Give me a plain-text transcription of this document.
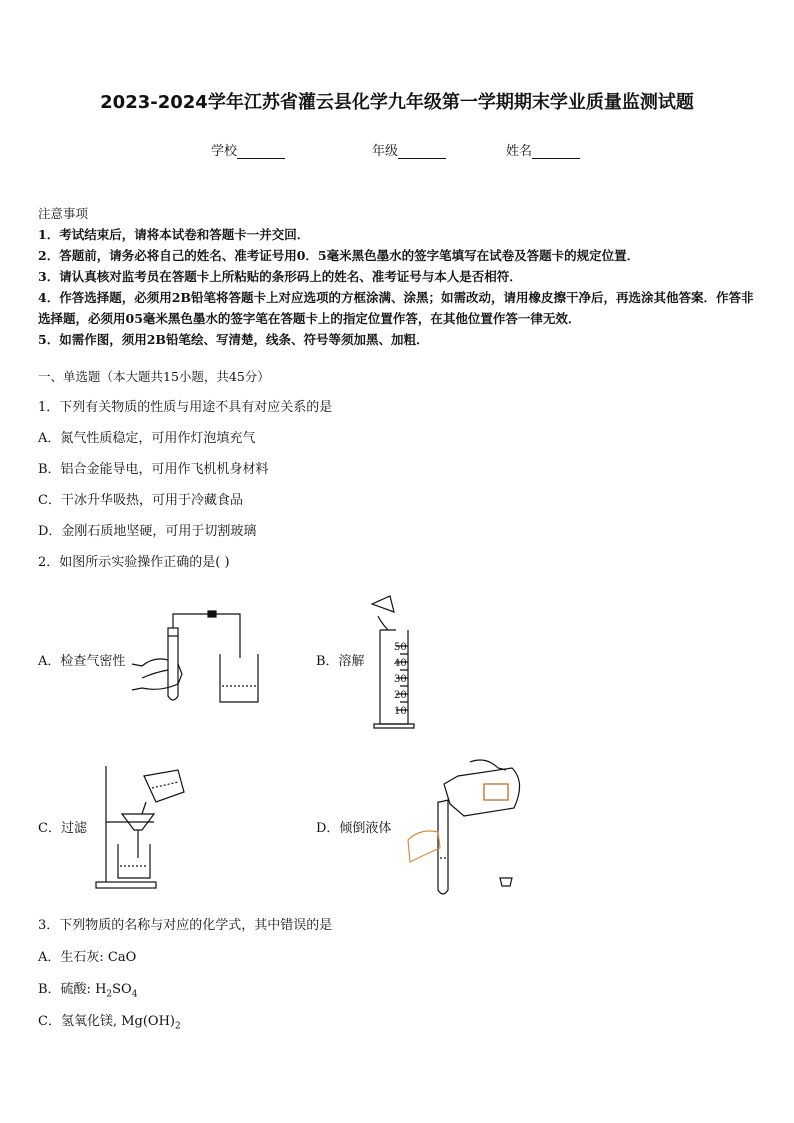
2023-2024学年江苏省灌云县化学九年级第一学期期末学业质量监测试题
学校	年级	姓名

注意事项

1．考试结束后，请将本试卷和答题卡一并交回．

2．答题前，请务必将自己的姓名、准考证号用0．5毫米黑色墨水的签字笔填写在试卷及答题卡的规定位置．

3．请认真核对监考员在答题卡上所粘贴的条形码上的姓名、准考证号与本人是否相符．

4．作答选择题，必须用2B铅笔将答题卡上对应选项的方框涂满、涂黑；如需改动，请用橡皮擦干净后，再选涂其他答案．作答非选择题，必须用05毫米黑色墨水的签字笔在答题卡上的指定位置作答，在其他位置作答一律无效．

5．如需作图，须用2B铅笔绘、写清楚，线条、符号等须加黑、加粗．

一、单选题（本大题共15小题，共45分）
1．下列有关物质的性质与用途不具有对应关系的是
A．氮气性质稳定，可用作灯泡填充气
B．铝合金能导电，可用作飞机机身材料
C．干冰升华吸热，可用于冷藏食品
D．金刚石质地坚硬，可用于切割玻璃
2．如图所示实验操作正确的是( )
A．检查气密性	B．溶解
50
40
30
20
10
C．过滤	D．倾倒液体
3．下列物质的名称与对应的化学式，其中错误的是
A．生石灰: CaO
B．硫酸: $H_2SO_4$
C．氢氧化镁, $Mg(OH)_2$
